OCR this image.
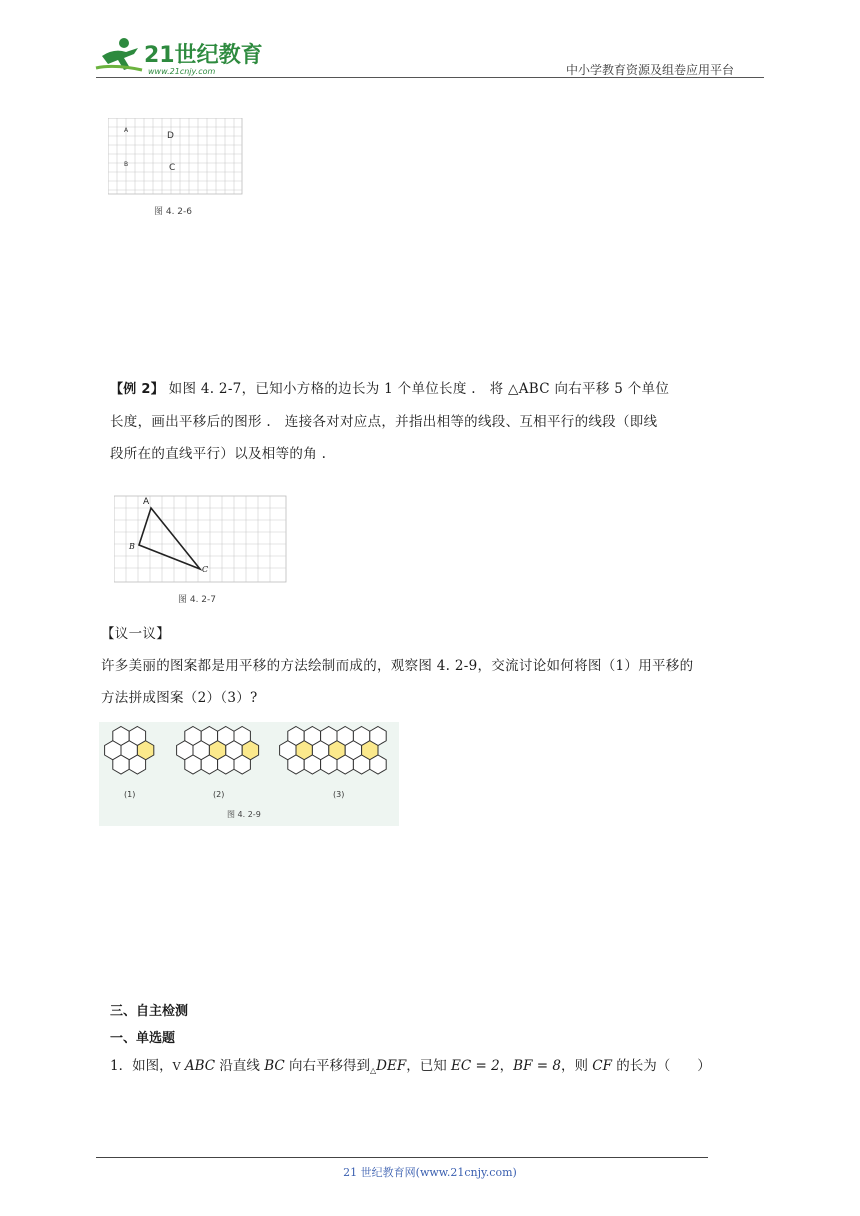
21世纪教育
www.21cnjy.com	中小学教育资源及组卷应用平台
A
D
B	C
图 4. 2-6
【例 2】 如图 4. 2-7，已知小方格的边长为 1 个单位长度 .　将 △ABC 向右平移 5 个单位
长度，画出平移后的图形 .　连接各对对应点，并指出相等的线段、互相平行的线段（即线
段所在的直线平行）以及相等的角 .
A
B
C
图 4. 2-7
【议一议】
许多美丽的图案都是用平移的方法绘制而成的，观察图 4. 2-9，交流讨论如何将图（1）用平移的
方法拼成图案（2）（3）?
(1)	(2)	(3)
图 4. 2-9
三、自主检测
一、单选题
1．如图，V ABC 沿直线 BC 向右平移得到$_\triangle$DEF，已知 EC = 2，BF = 8，则 CF 的长为（　　）
21 世纪教育网(www.21cnjy.com)
